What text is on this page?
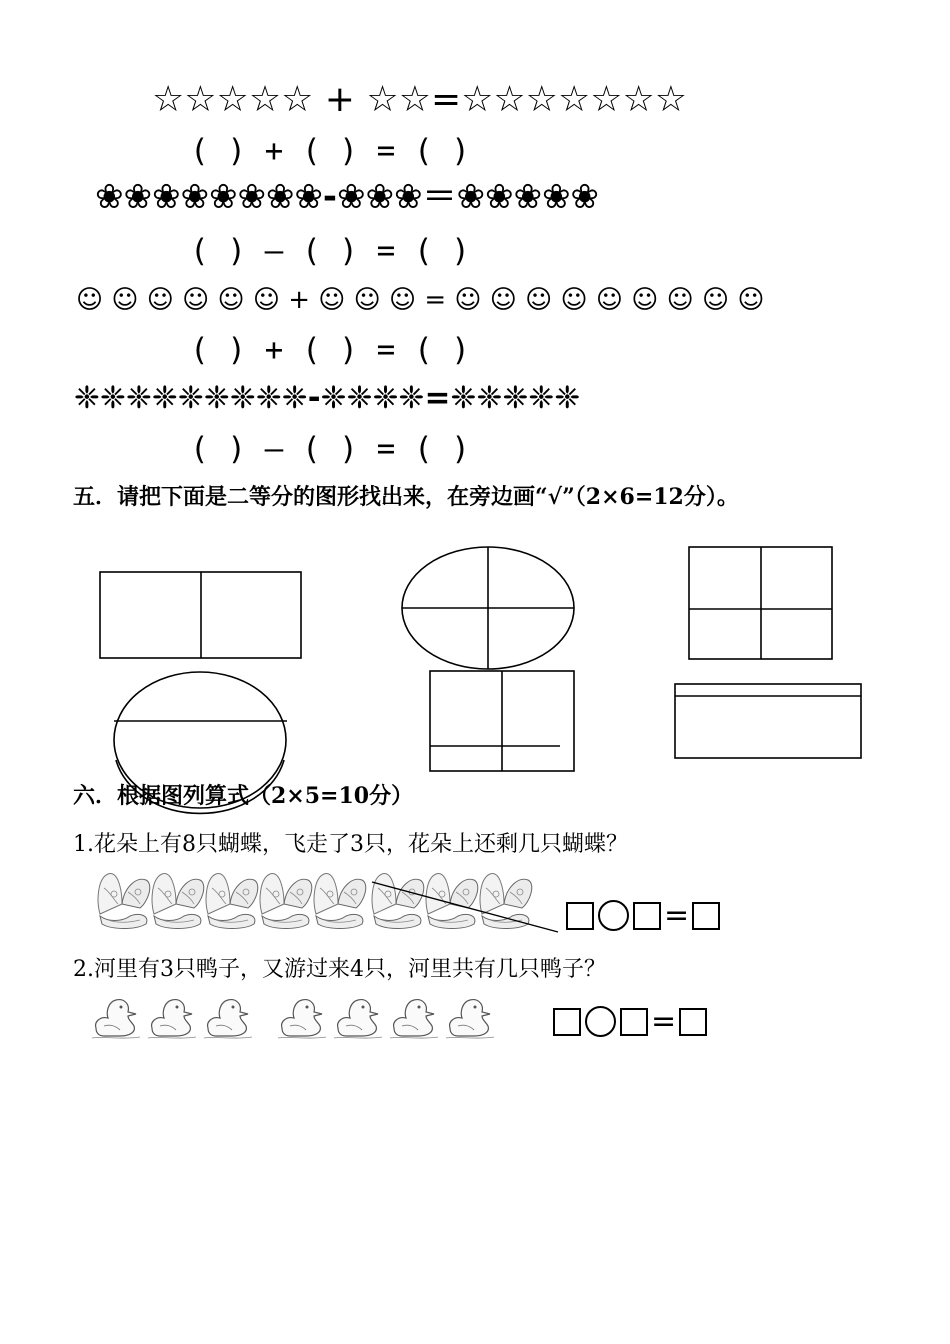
☆☆☆☆☆ + ☆☆=☆☆☆☆☆☆☆
( ) + ( ) = ( )
❀❀❀❀❀❀❀❀-❀❀❀＝❀❀❀❀❀
( ) — ( ) = ( )
☺ ☺ ☺ ☺ ☺ ☺ + ☺ ☺ ☺ = ☺ ☺ ☺ ☺ ☺ ☺ ☺ ☺ ☺
( ) + ( ) = ( )
❈❈❈❈❈❈❈❈❈-❈❈❈❈=❈❈❈❈❈
( ) — ( ) = ( )
五．请把下面是二等分的图形找出来，在旁边画“√”（2×6=12分）。
六．根据图列算式（2×5=10分）
1.花朵上有8只蝴蝶，飞走了3只，花朵上还剩几只蝴蝶？
=
2.河里有3只鸭子，又游过来4只，河里共有几只鸭子？
=
